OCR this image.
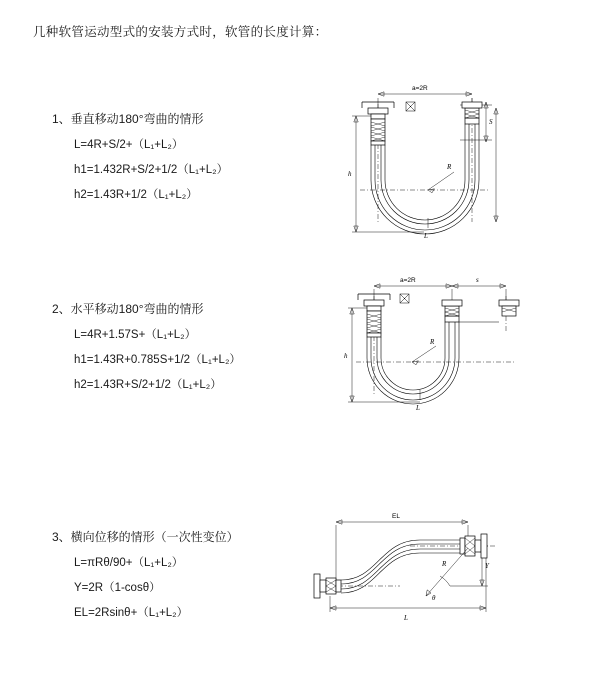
几种软管运动型式的安装方式时，软管的长度计算：
1、垂直移动180°弯曲的情形
L=4R+S/2+（L₁+L₂）
h1=1.432R+S/2+1/2（L₁+L₂）
h2=1.43R+1/2（L₁+L₂）
a=2R
S
h
R
L
2、水平移动180°弯曲的情形
L=4R+1.57S+（L₁+L₂）
h1=1.43R+0.785S+1/2（L₁+L₂）
h2=1.43R+S/2+1/2（L₁+L₂）
a=2R	s
h
R
L
3、横向位移的情形（一次性变位）
L=πRθ/90+（L₁+L₂）
Y=2R（1-cosθ）
EL=2Rsinθ+（L₁+L₂）
EL
Y
R
θ
L
